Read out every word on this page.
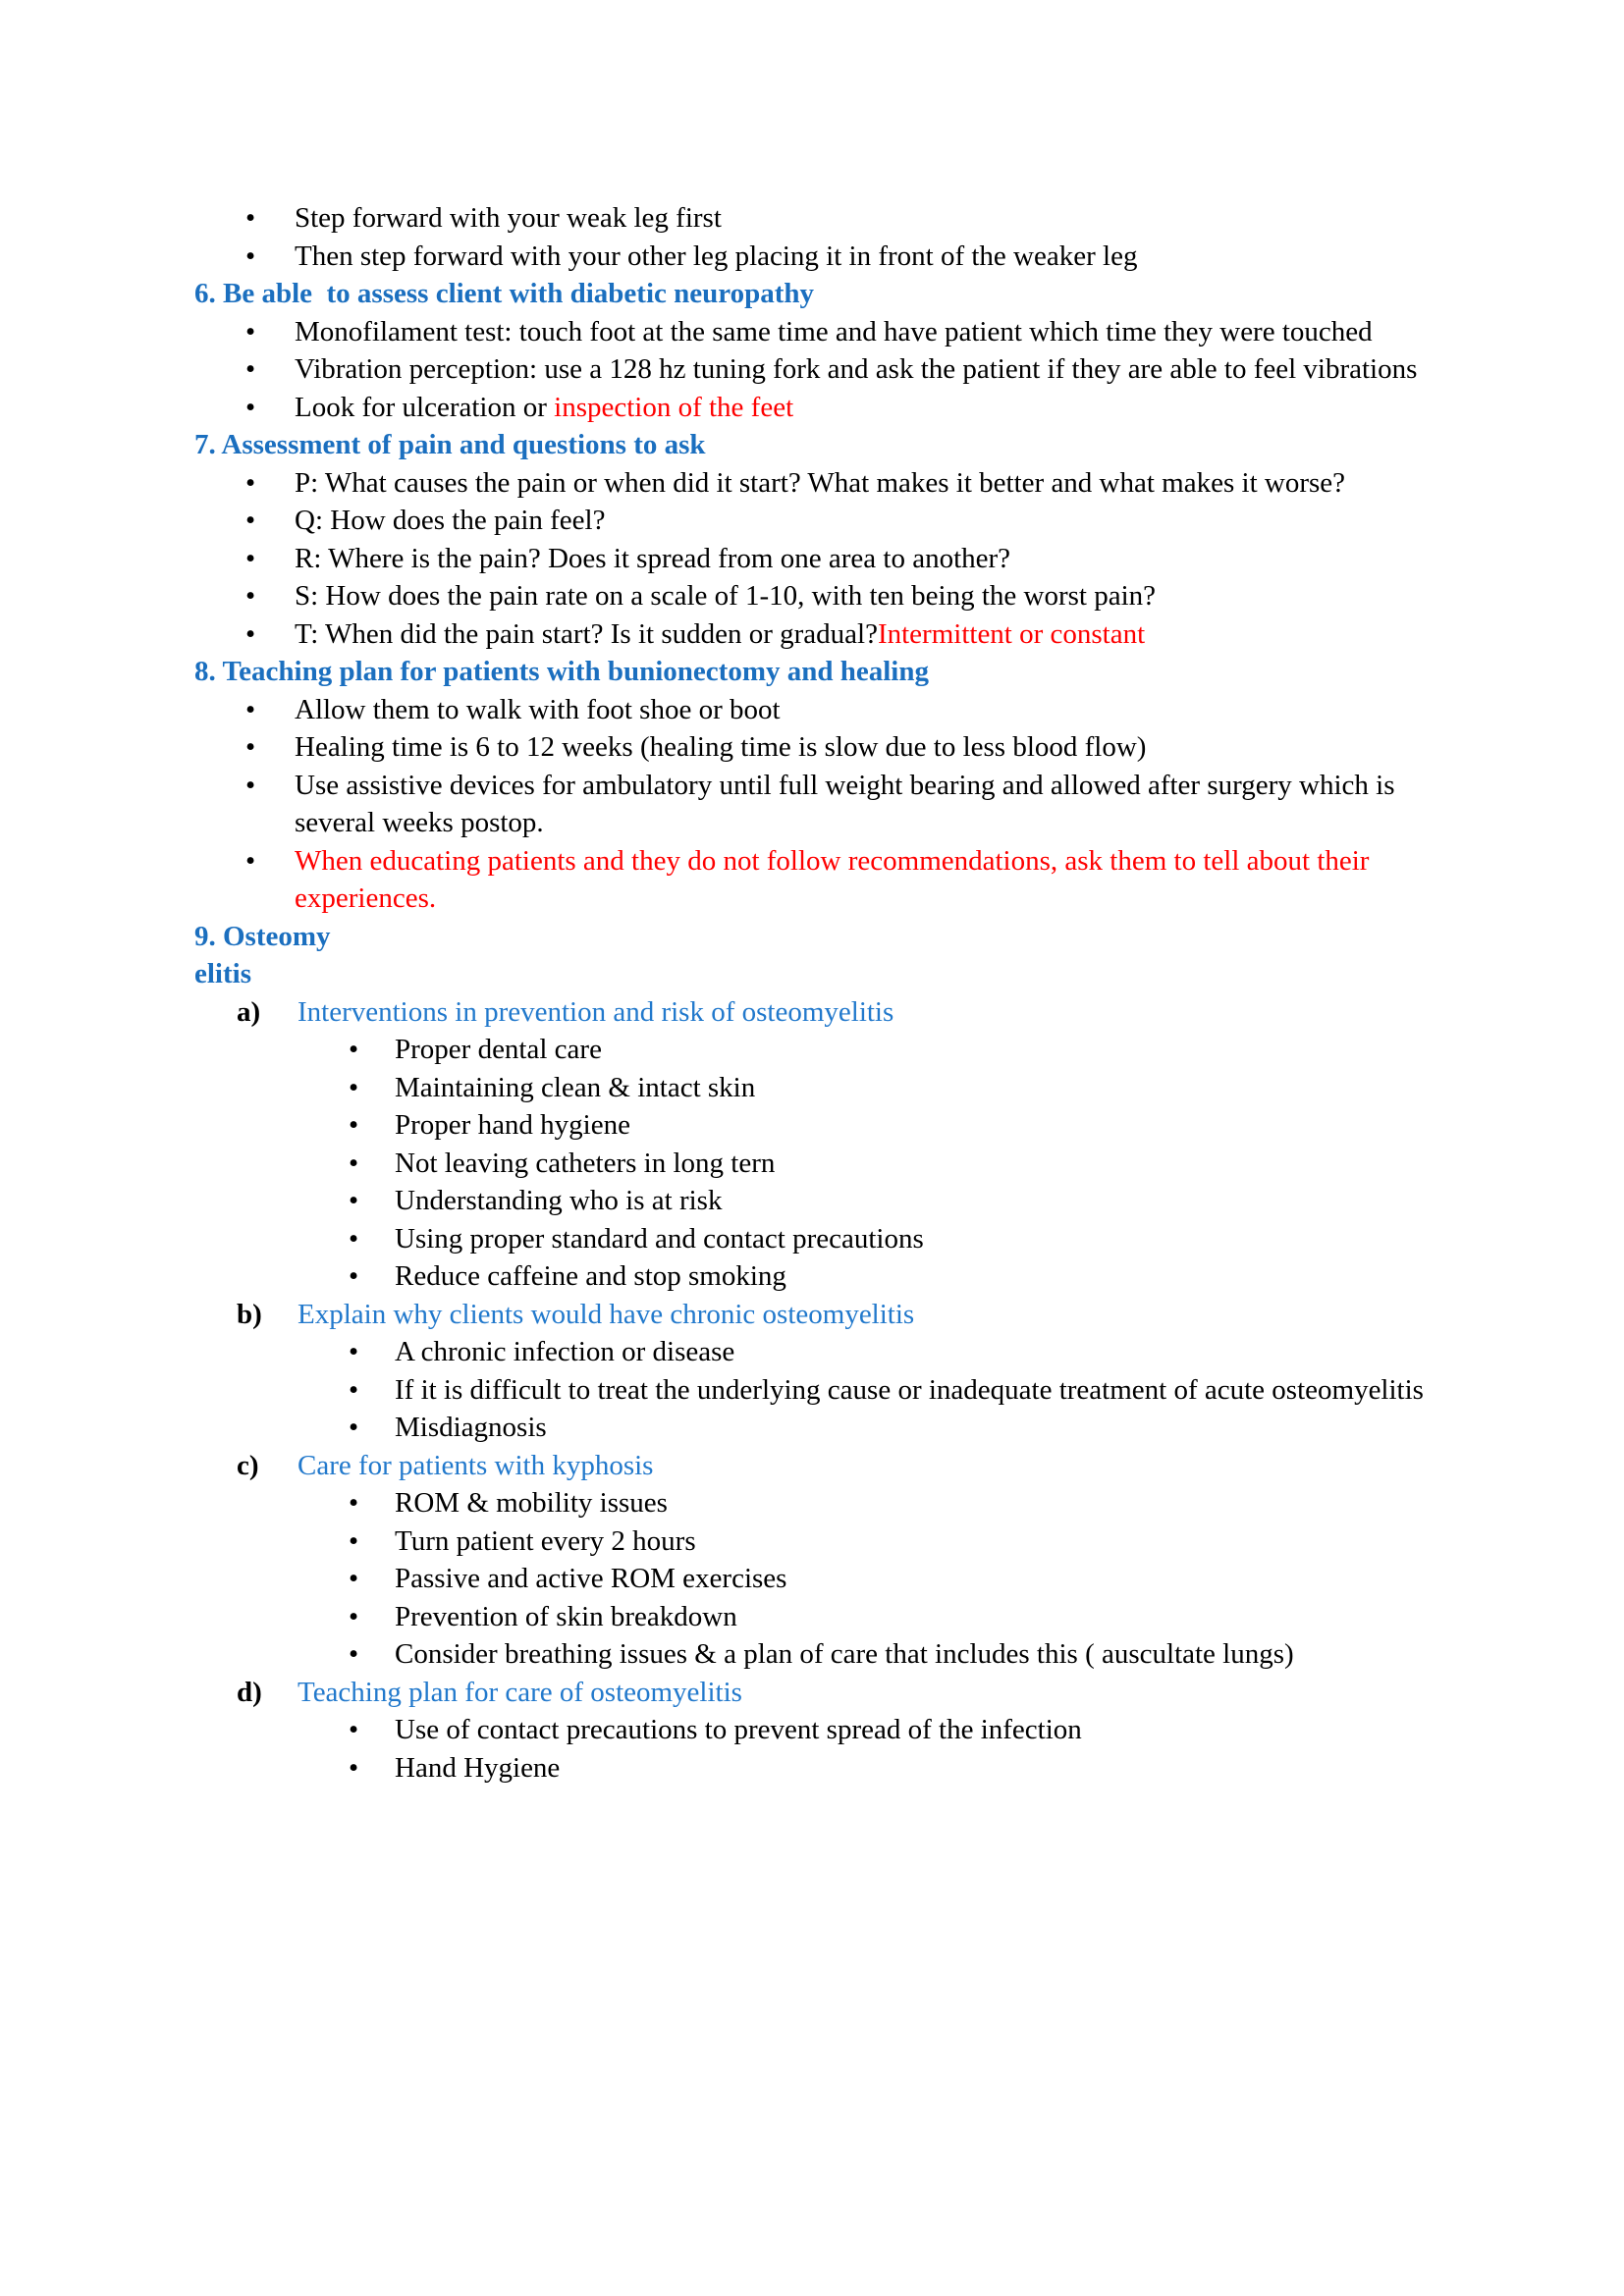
• Step forward with your weak leg first
• Then step forward with your other leg placing it in front of the weaker leg
6. Be able  to assess client with diabetic neuropathy
• Monofilament test: touch foot at the same time and have patient which time they were touched
• Vibration perception: use a 128 hz tuning fork and ask the patient if they are able to feel vibrations
• Look for ulceration or inspection of the feet
7. Assessment of pain and questions to ask
• P: What causes the pain or when did it start? What makes it better and what makes it worse?
• Q: How does the pain feel?
• R: Where is the pain? Does it spread from one area to another?
• S: How does the pain rate on a scale of 1-10, with ten being the worst pain?
• T: When did the pain start? Is it sudden or gradual?Intermittent or constant
8. Teaching plan for patients with bunionectomy and healing
• Allow them to walk with foot shoe or boot
• Healing time is 6 to 12 weeks (healing time is slow due to less blood flow)
• Use assistive devices for ambulatory until full weight bearing and allowed after surgery which is several weeks postop.
• When educating patients and they do not follow recommendations, ask them to tell about their experiences.
9. Osteomy
elitis
a) Interventions in prevention and risk of osteomyelitis
• Proper dental care
• Maintaining clean & intact skin
• Proper hand hygiene
• Not leaving catheters in long tern
• Understanding who is at risk
• Using proper standard and contact precautions
• Reduce caffeine and stop smoking
b) Explain why clients would have chronic osteomyelitis
• A chronic infection or disease
• If it is difficult to treat the underlying cause or inadequate treatment of acute osteomyelitis
• Misdiagnosis
c) Care for patients with kyphosis
• ROM & mobility issues
• Turn patient every 2 hours
• Passive and active ROM exercises
• Prevention of skin breakdown
• Consider breathing issues & a plan of care that includes this ( auscultate lungs)
d) Teaching plan for care of osteomyelitis
• Use of contact precautions to prevent spread of the infection
• Hand Hygiene
